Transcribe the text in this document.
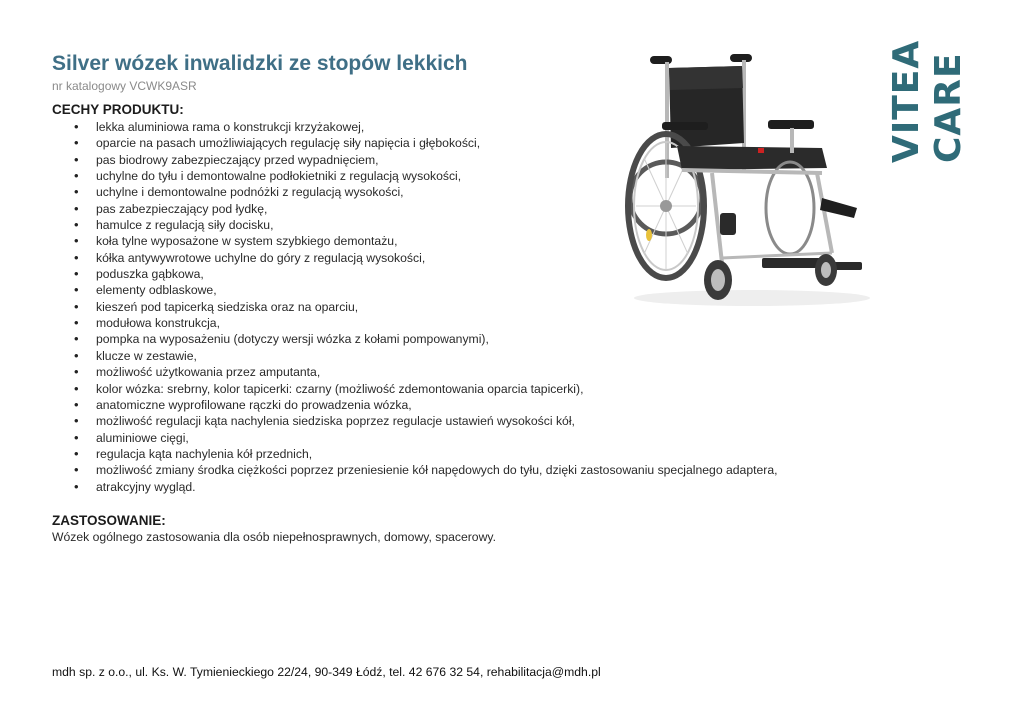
Silver wózek inwalidzki ze stopów lekkich
nr katalogowy VCWK9ASR
CECHY PRODUKTU:
• lekka aluminiowa rama o konstrukcji krzyżakowej,
• oparcie na pasach umożliwiających regulację siły napięcia i głębokości,
• pas biodrowy zabezpieczający przed wypadnięciem,
• uchylne do tyłu i demontowalne podłokietniki z regulacją wysokości,
• uchylne i demontowalne podnóżki z regulacją wysokości,
• pas zabezpieczający pod łydkę,
• hamulce z regulacją siły docisku,
• koła tylne wyposażone w system szybkiego demontażu,
• kółka antywywrotowe uchylne do góry z regulacją wysokości,
• poduszka gąbkowa,
• elementy odblaskowe,
• kieszeń pod tapicerką siedziska oraz na oparciu,
• modułowa konstrukcja,
• pompka na wyposażeniu (dotyczy wersji wózka z kołami pompowanymi),
• klucze w zestawie,
• możliwość użytkowania przez amputanta,
• kolor wózka: srebrny, kolor tapicerki: czarny (możliwość zdemontowania oparcia tapicerki),
• anatomiczne wyprofilowane rączki do prowadzenia wózka,
• możliwość regulacji kąta nachylenia siedziska poprzez regulacje ustawień wysokości kół,
• aluminiowe cięgi,
• regulacja kąta nachylenia kół przednich,
• możliwość zmiany środka ciężkości poprzez przeniesienie kół napędowych do tyłu, dzięki zastosowaniu specjalnego adaptera,
• atrakcyjny wygląd.
ZASTOSOWANIE:
Wózek ogólnego zastosowania dla osób niepełnosprawnych, domowy, spacerowy.
mdh sp. z o.o., ul. Ks. W. Tymienieckiego 22/24, 90-349 Łódź, tel. 42 676 32 54, rehabilitacja@mdh.pl
VITEA CARE
